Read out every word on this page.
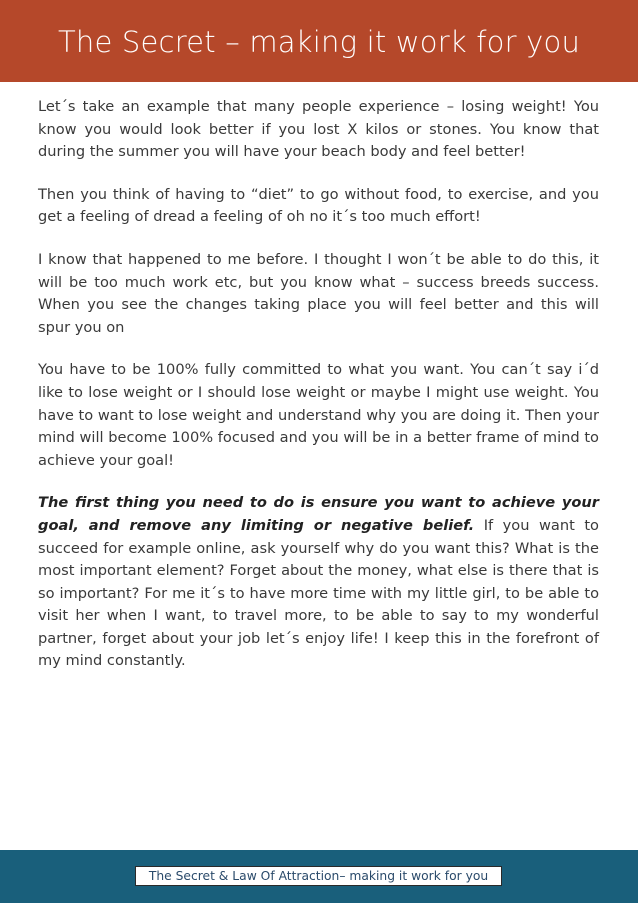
The Secret – making it work for you

Let´s take an example that many people experience – losing weight! You know you would look better if you lost X kilos or stones. You know that during the summer you will have your beach body and feel better!

Then you think of having to “diet” to go without food, to exercise, and you get a feeling of dread a feeling of oh no it´s too much effort!

I know that happened to me before. I thought I won´t be able to do this, it will be too much work etc, but you know what – success breeds success. When you see the changes taking place you will feel better and this will spur you on

You have to be 100% fully committed to what you want. You can´t say i´d like to lose weight or I should lose weight or maybe I might use weight. You have to want to lose weight and understand why you are doing it. Then your mind will become 100% focused and you will be in a better frame of mind to achieve your goal!

The first thing you need to do is ensure you want to achieve your goal, and remove any limiting or negative belief. If you want to succeed for example online, ask yourself why do you want this? What is the most important element? Forget about the money, what else is there that is so important? For me it´s to have more time with my little girl, to be able to visit her when I want, to travel more, to be able to say to my wonderful partner, forget about your job let´s enjoy life! I keep this in the forefront of my mind constantly.

The Secret & Law Of Attraction– making it work for you
